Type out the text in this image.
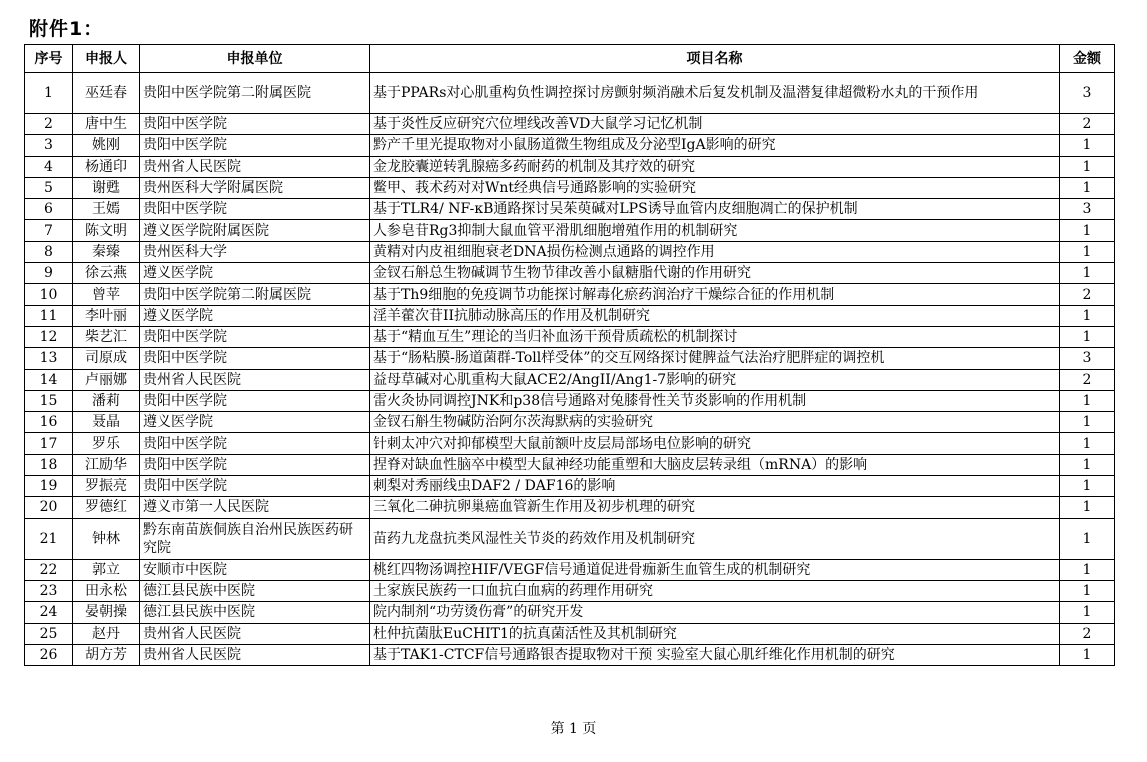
附件1：
序号	申报人	申报单位	项目名称	金额
1	巫廷春	贵阳中医学院第二附属医院	基于PPARs对心肌重构负性调控探讨房颤射频消融术后复发机制及温潜复律超微粉水丸的干预作用	3
2	唐中生	贵阳中医学院	基于炎性反应研究穴位埋线改善VD大鼠学习记忆机制	2
3	姚刚	贵阳中医学院	黔产千里光提取物对小鼠肠道微生物组成及分泌型IgA影响的研究	1
4	杨通印	贵州省人民医院	金龙胶囊逆转乳腺癌多药耐药的机制及其疗效的研究	1
5	谢甦	贵州医科大学附属医院	鳖甲、莪术药对对Wnt经典信号通路影响的实验研究	1
6	王嫣	贵阳中医学院	基于TLR4/ NF-κB通路探讨吴茱萸碱对LPS诱导血管内皮细胞凋亡的保护机制	3
7	陈文明	遵义医学院附属医院	人参皂苷Rg3抑制大鼠血管平滑肌细胞增殖作用的机制研究	1
8	秦臻	贵州医科大学	黄精对内皮祖细胞衰老DNA损伤检测点通路的调控作用	1
9	徐云燕	遵义医学院	金钗石斛总生物碱调节生物节律改善小鼠糖脂代谢的作用研究	1
10	曾苹	贵阳中医学院第二附属医院	基于Th9细胞的免疫调节功能探讨解毒化瘀药润治疗干燥综合征的作用机制	2
11	李叶丽	遵义医学院	淫羊藿次苷II抗肺动脉高压的作用及机制研究	1
12	柴艺汇	贵阳中医学院	基于“精血互生”理论的当归补血汤干预骨质疏松的机制探讨	1
13	司原成	贵阳中医学院	基于“肠粘膜-肠道菌群-Toll样受体”的交互网络探讨健脾益气法治疗肥胖症的调控机	3
14	卢丽娜	贵州省人民医院	益母草碱对心肌重构大鼠ACE2/AngII/Ang1-7影响的研究	2
15	潘莉	贵阳中医学院	雷火灸协同调控JNK和p38信号通路对兔膝骨性关节炎影响的作用机制	1
16	聂晶	遵义医学院	金钗石斛生物碱防治阿尔茨海默病的实验研究	1
17	罗乐	贵阳中医学院	针刺太冲穴对抑郁模型大鼠前额叶皮层局部场电位影响的研究	1
18	江励华	贵阳中医学院	捏脊对缺血性脑卒中模型大鼠神经功能重塑和大脑皮层转录组（mRNA）的影响	1
19	罗振亮	贵阳中医学院	刺梨对秀丽线虫DAF2 / DAF16的影响	1
20	罗德红	遵义市第一人民医院	三氧化二砷抗卵巢癌血管新生作用及初步机理的研究	1
21	钟林	黔东南苗族侗族自治州民族医药研究院	苗药九龙盘抗类风湿性关节炎的药效作用及机制研究	1
22	郭立	安顺市中医院	桃红四物汤调控HIF/VEGF信号通道促进骨痂新生血管生成的机制研究	1
23	田永松	德江县民族中医院	土家族民族药一口血抗白血病的药理作用研究	1
24	晏朝操	德江县民族中医院	院内制剂“功劳烫伤膏”的研究开发	1
25	赵丹	贵州省人民医院	杜仲抗菌肽EuCHIT1的抗真菌活性及其机制研究	2
26	胡方芳	贵州省人民医院	基于TAK1-CTCF信号通路银杏提取物对干预 实验室大鼠心肌纤维化作用机制的研究	1
第 1 页
